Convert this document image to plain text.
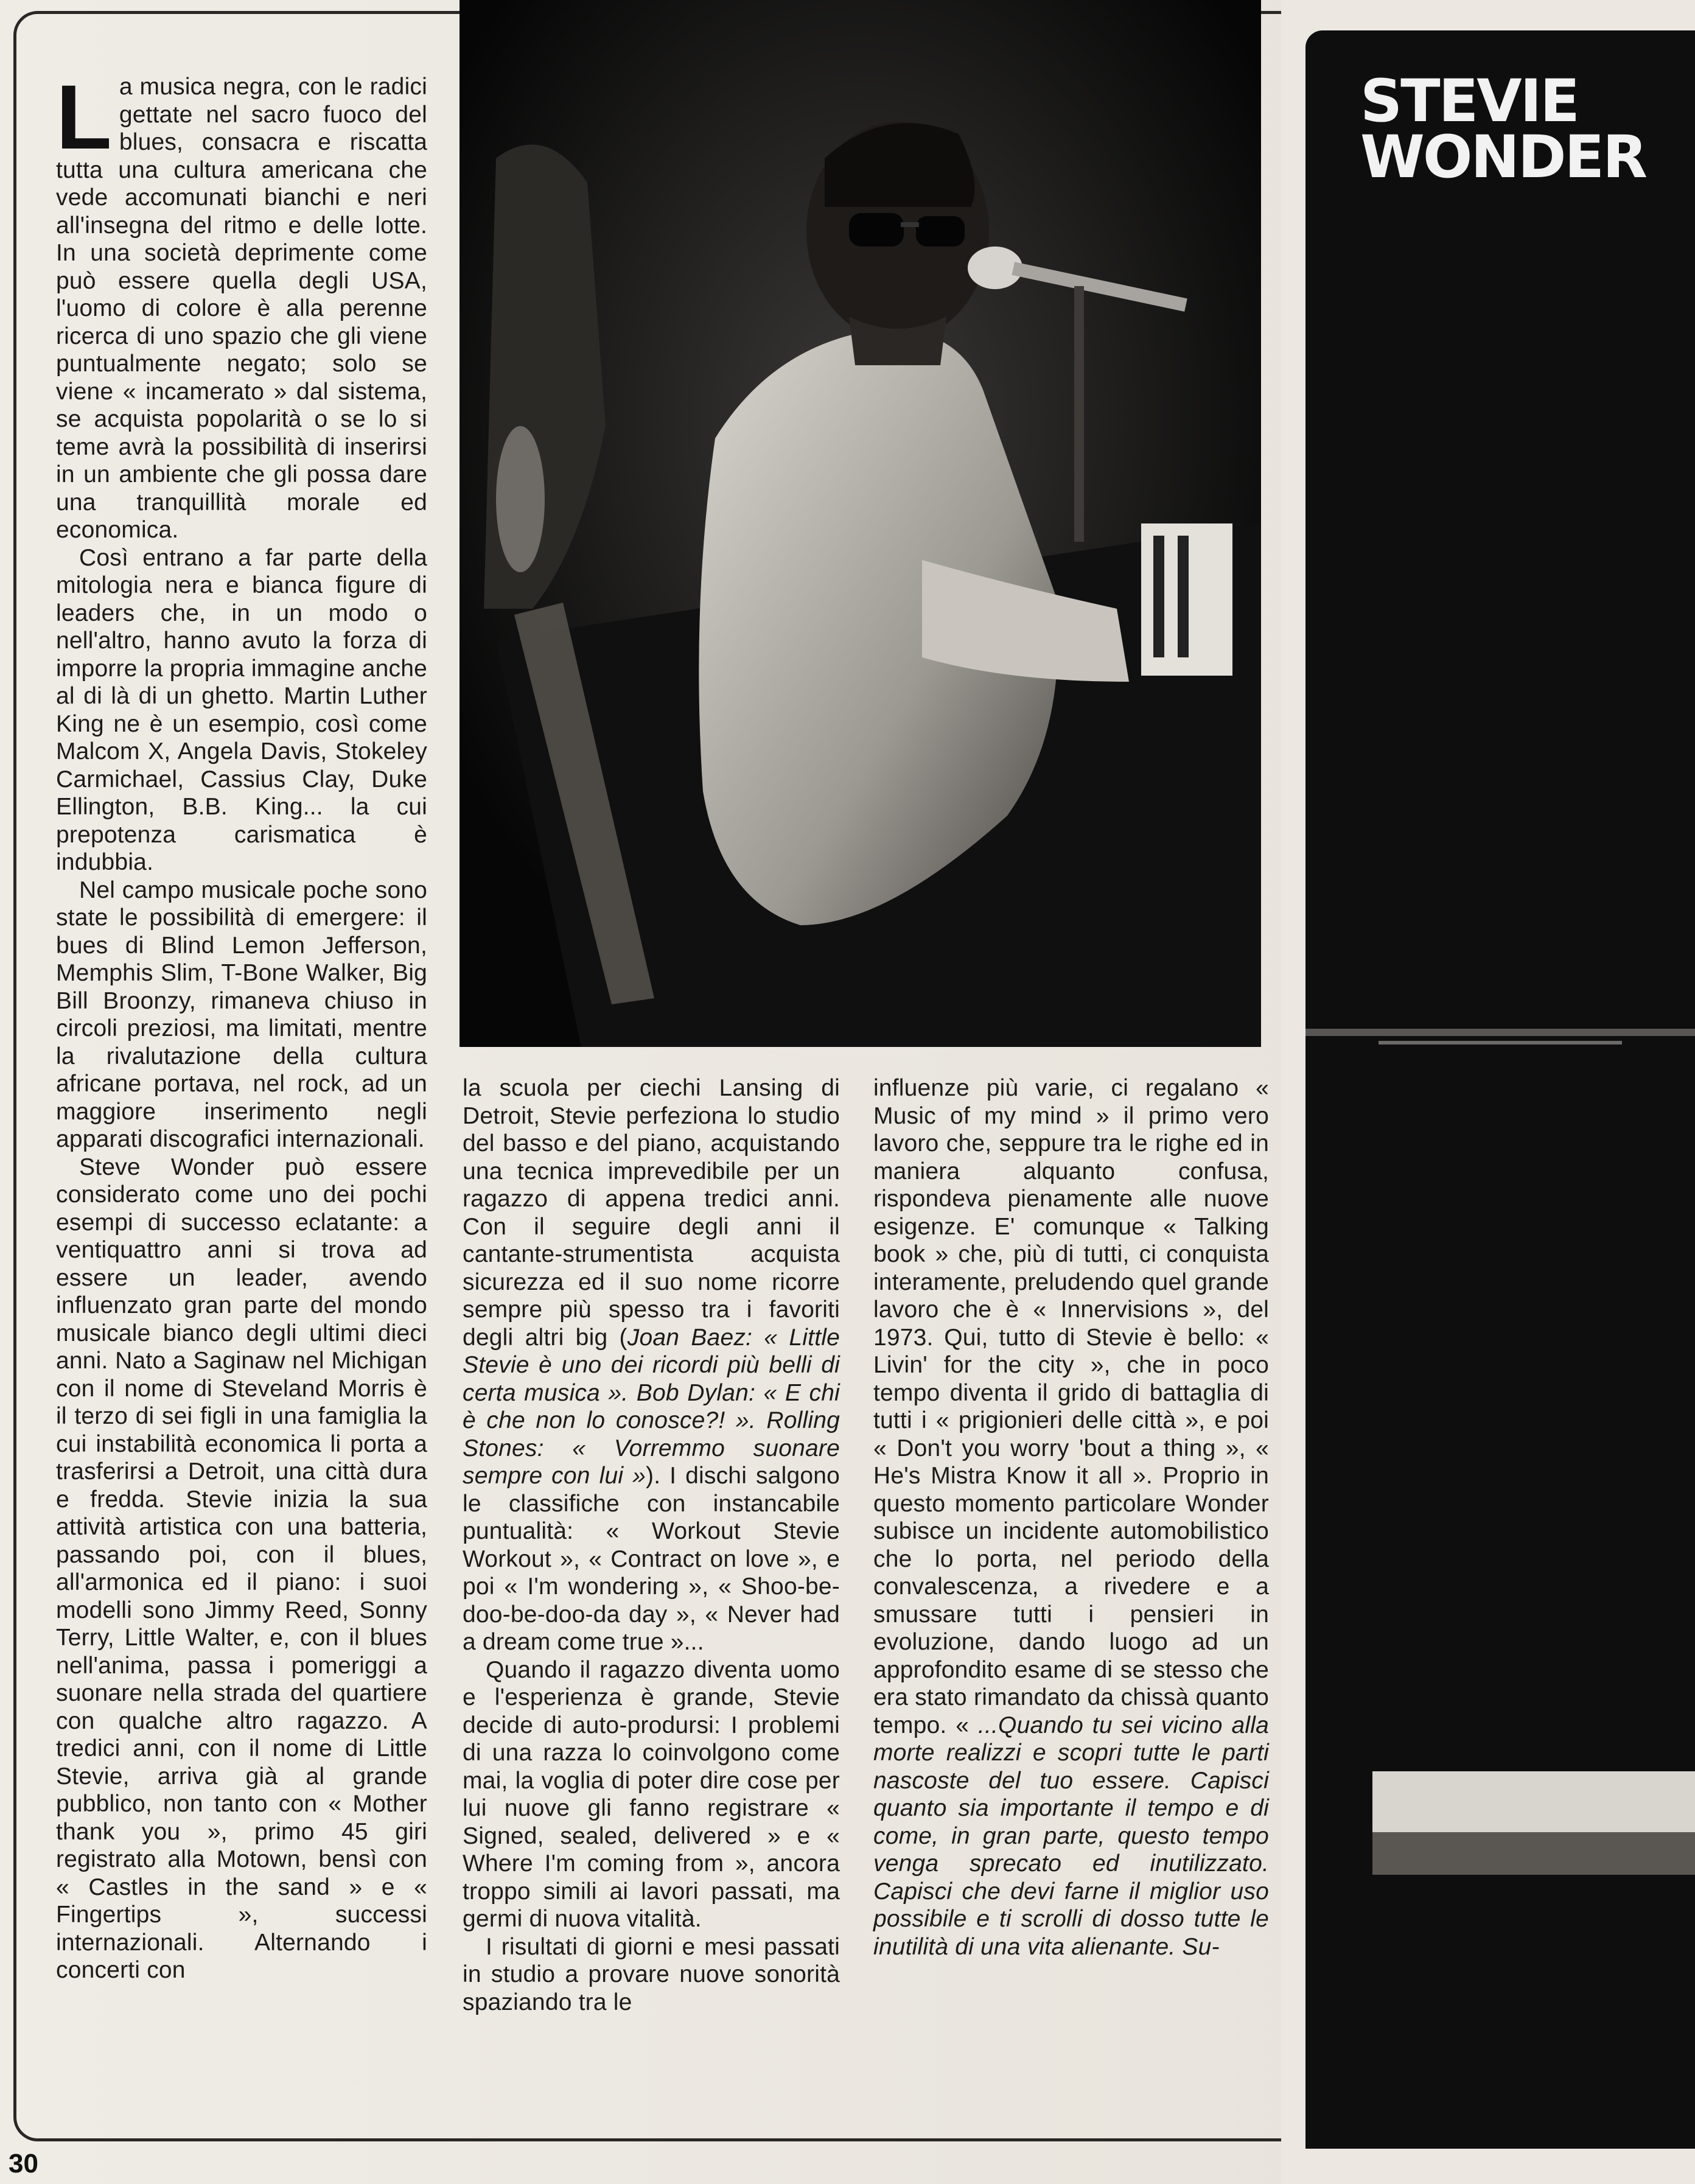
La musica negra, con le radici gettate nel sacro fuoco del blues, consacra e riscatta tutta una cultura americana che vede accomunati bianchi e neri all'insegna del ritmo e delle lotte. In una società deprimente come può essere quella degli USA, l'uomo di colore è alla perenne ricerca di uno spazio che gli viene puntualmente negato; solo se viene « incamerato » dal sistema, se acquista popolarità o se lo si teme avrà la possibilità di inserirsi in un ambiente che gli possa dare una tranquillità morale ed economica.

Così entrano a far parte della mitologia nera e bianca figure di leaders che, in un modo o nell'altro, hanno avuto la forza di imporre la propria immagine anche al di là di un ghetto. Martin Luther King ne è un esempio, così come Malcom X, Angela Davis, Stokeley Carmichael, Cassius Clay, Duke Ellington, B.B. King... la cui prepotenza carismatica è indubbia.

Nel campo musicale poche sono state le possibilità di emergere: il bues di Blind Lemon Jefferson, Memphis Slim, T-Bone Walker, Big Bill Broonzy, rimaneva chiuso in circoli preziosi, ma limitati, mentre la rivalutazione della cultura africane portava, nel rock, ad un maggiore inserimento negli apparati discografici internazionali.

Steve Wonder può essere considerato come uno dei pochi esempi di successo eclatante: a ventiquattro anni si trova ad essere un leader, avendo influenzato gran parte del mondo musicale bianco degli ultimi dieci anni. Nato a Saginaw nel Michigan con il nome di Steveland Morris è il terzo di sei figli in una famiglia la cui instabilità economica li porta a trasferirsi a Detroit, una città dura e fredda. Stevie inizia la sua attività artistica con una batteria, passando poi, con il blues, all'armonica ed il piano: i suoi modelli sono Jimmy Reed, Sonny Terry, Little Walter, e, con il blues nell'anima, passa i pomeriggi a suonare nella strada del quartiere con qualche altro ragazzo. A tredici anni, con il nome di Little Stevie, arriva già al grande pubblico, non tanto con « Mother thank you », primo 45 giri registrato alla Motown, bensì con « Castles in the sand » e « Fingertips », successi internazionali. Alternando i concerti con

la scuola per ciechi Lansing di Detroit, Stevie perfeziona lo studio del basso e del piano, acquistando una tecnica imprevedibile per un ragazzo di appena tredici anni. Con il seguire degli anni il cantante-strumentista acquista sicurezza ed il suo nome ricorre sempre più spesso tra i favoriti degli altri big (Joan Baez: « Little Stevie è uno dei ricordi più belli di certa musica ». Bob Dylan: « E chi è che non lo conosce?! ». Rolling Stones: « Vorremmo suonare sempre con lui »). I dischi salgono le classifiche con instancabile puntualità: « Workout Stevie Workout », « Contract on love », e poi « I'm wondering », « Shoo-be-doo-be-doo-da day », « Never had a dream come true »...

Quando il ragazzo diventa uomo e l'esperienza è grande, Stevie decide di auto-prodursi: I problemi di una razza lo coinvolgono come mai, la voglia di poter dire cose per lui nuove gli fanno registrare « Signed, sealed, delivered » e « Where I'm coming from », ancora troppo simili ai lavori passati, ma germi di nuova vitalità.

I risultati di giorni e mesi passati in studio a provare nuove sonorità spaziando tra le

influenze più varie, ci regalano « Music of my mind » il primo vero lavoro che, seppure tra le righe ed in maniera alquanto confusa, rispondeva pienamente alle nuove esigenze. E' comunque « Talking book » che, più di tutti, ci conquista interamente, preludendo quel grande lavoro che è « Innervisions », del 1973. Qui, tutto di Stevie è bello: « Livin' for the city », che in poco tempo diventa il grido di battaglia di tutti i « prigionieri delle città », e poi « Don't you worry 'bout a thing », « He's Mistra Know it all ». Proprio in questo momento particolare Wonder subisce un incidente automobilistico che lo porta, nel periodo della convalescenza, a rivedere e a smussare tutti i pensieri in evoluzione, dando luogo ad un approfondito esame di se stesso che era stato rimandato da chissà quanto tempo. « ...Quando tu sei vicino alla morte realizzi e scopri tutte le parti nascoste del tuo essere. Capisci quanto sia importante il tempo e di come, in gran parte, questo tempo venga sprecato ed inutilizzato. Capisci che devi farne il miglior uso possibile e ti scrolli di dosso tutte le inutilità di una vita alienante. Su-

STEVIE
WONDER
30
